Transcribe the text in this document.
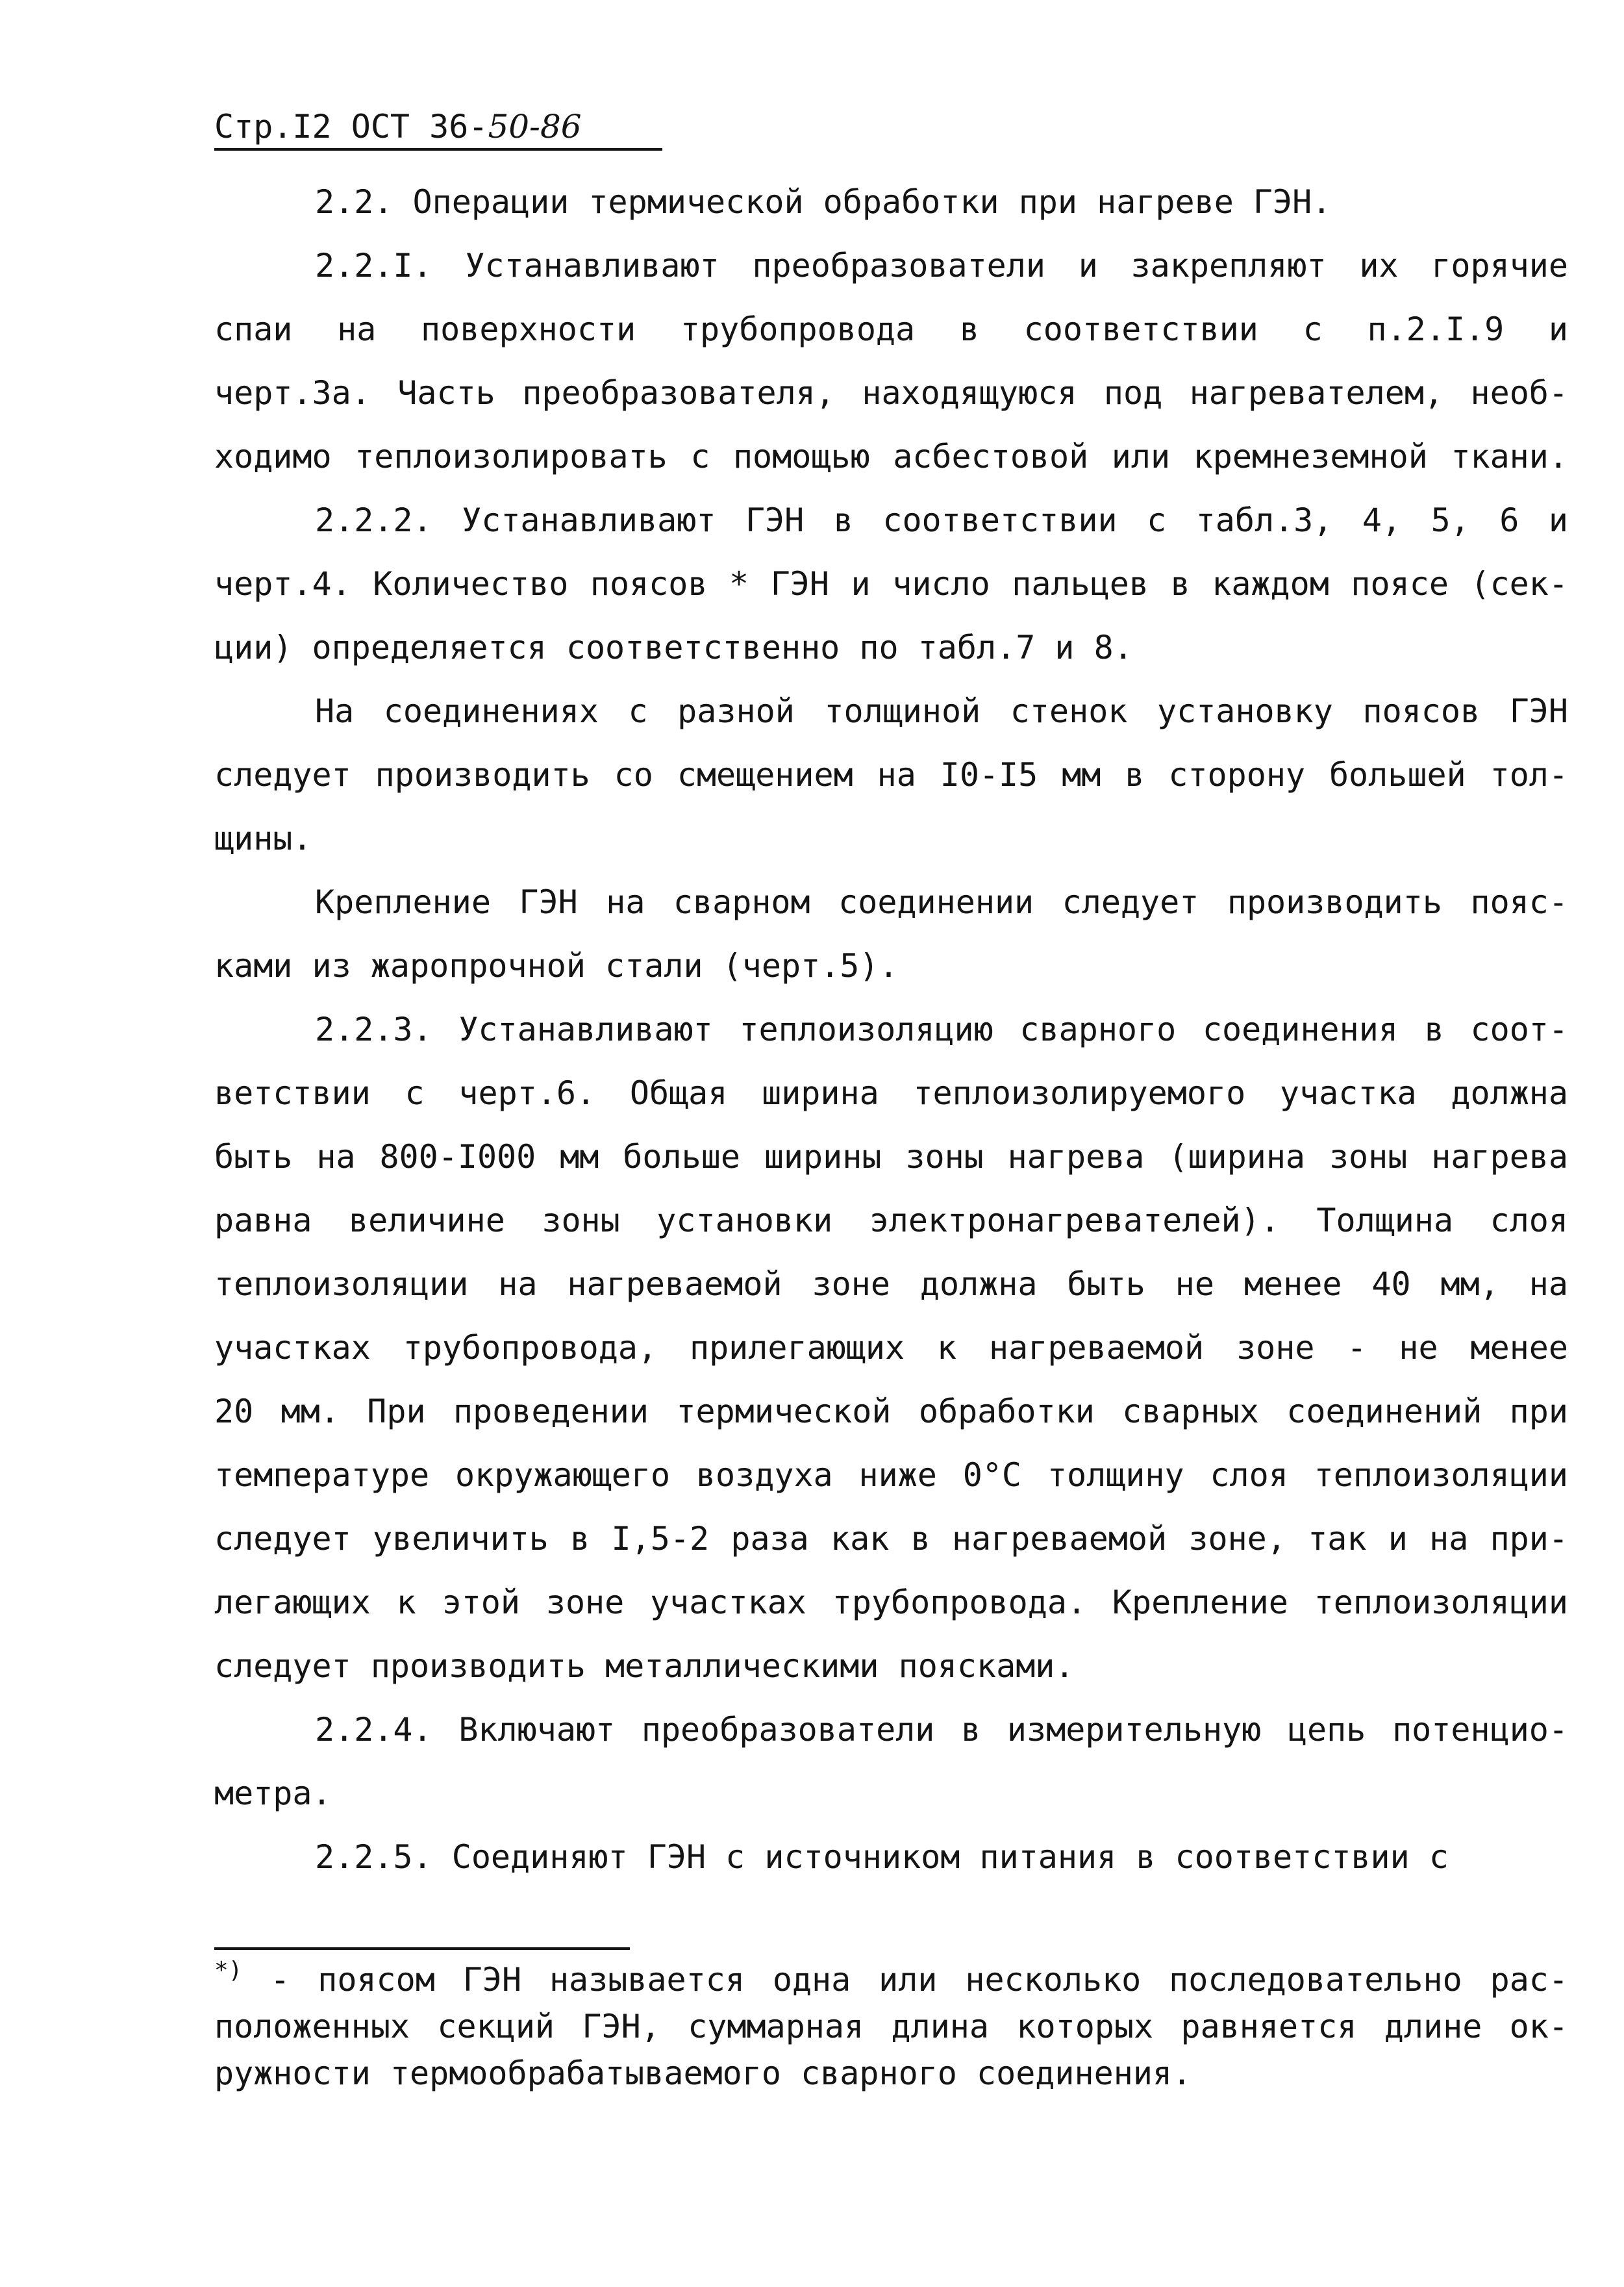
Стр.I2 ОСТ 36-50-86
2.2. Операции термической обработки при нагреве ГЭН.
2.2.I. Устанавливают преобразователи и закрепляют их горячие
спаи на поверхности трубопровода в соответствии с п.2.I.9 и
черт.3а. Часть преобразователя, находящуюся под нагревателем, необ-
ходимо теплоизолировать с помощью асбестовой или кремнеземной ткани.
2.2.2. Устанавливают ГЭН в соответствии с табл.3, 4, 5, 6 и
черт.4. Количество поясов * ГЭН и число пальцев в каждом поясе (сек-
ции) определяется соответственно по табл.7 и 8.
На соединениях с разной толщиной стенок установку поясов ГЭН
следует производить со смещением на I0-I5 мм в сторону большей тол-
щины.
Крепление ГЭН на сварном соединении следует производить пояс-
ками из жаропрочной стали (черт.5).
2.2.3. Устанавливают теплоизоляцию сварного соединения в соот-
ветствии с черт.6. Общая ширина теплоизолируемого участка должна
быть на 800-I000 мм больше ширины зоны нагрева (ширина зоны нагрева
равна величине зоны установки электронагревателей). Толщина слоя
теплоизоляции на нагреваемой зоне должна быть не менее 40 мм, на
участках трубопровода, прилегающих к нагреваемой зоне - не менее
20 мм. При проведении термической обработки сварных соединений при
температуре окружающего воздуха ниже 0°С толщину слоя теплоизоляции
следует увеличить в I,5-2 раза как в нагреваемой зоне, так и на при-
легающих к этой зоне участках трубопровода. Крепление теплоизоляции
следует производить металлическими поясками.
2.2.4. Включают преобразователи в измерительную цепь потенцио-
метра.
2.2.5. Соединяют ГЭН с источником питания в соответствии с
*) - поясом ГЭН называется одна или несколько последовательно рас-
положенных секций ГЭН, суммарная длина которых равняется длине ок-
ружности термообрабатываемого сварного соединения.
